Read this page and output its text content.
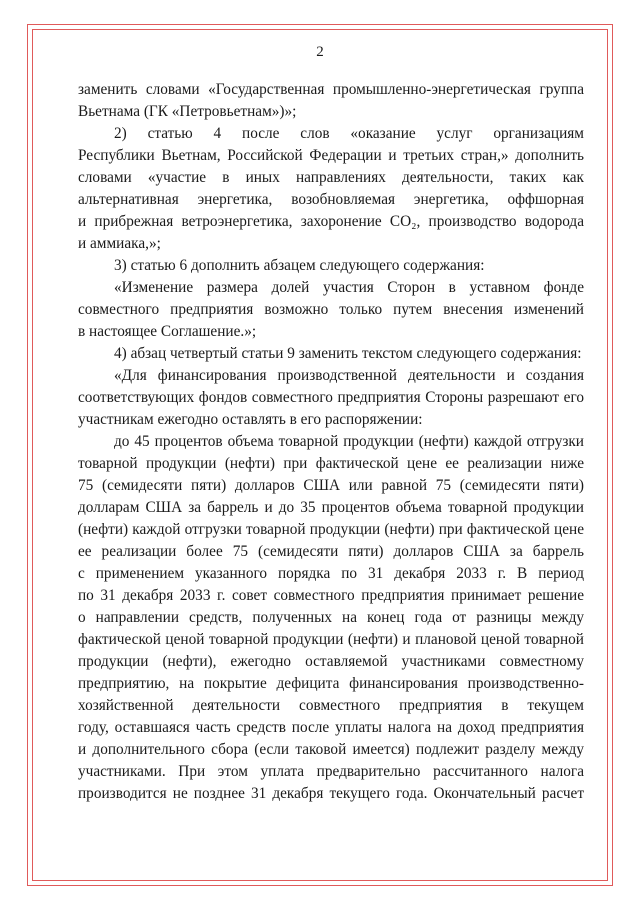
2
заменить словами «Государственная промышленно-энергетическая группа
Вьетнама (ГК «Петровьетнам»)»;
2) статью 4 после слов «оказание услуг организациям
Республики Вьетнам, Российской Федерации и третьих стран,» дополнить
словами «участие в иных направлениях деятельности, таких как
альтернативная энергетика, возобновляемая энергетика, оффшорная
и прибрежная ветроэнергетика, захоронение CO₂, производство водорода
и аммиака,»;
3) статью 6 дополнить абзацем следующего содержания:
«Изменение размера долей участия Сторон в уставном фонде
совместного предприятия возможно только путем внесения изменений
в настоящее Соглашение.»;
4) абзац четвертый статьи 9 заменить текстом следующего содержания:
«Для финансирования производственной деятельности и создания
соответствующих фондов совместного предприятия Стороны разрешают его
участникам ежегодно оставлять в его распоряжении:
до 45 процентов объема товарной продукции (нефти) каждой отгрузки
товарной продукции (нефти) при фактической цене ее реализации ниже
75 (семидесяти пяти) долларов США или равной 75 (семидесяти пяти)
долларам США за баррель и до 35 процентов объема товарной продукции
(нефти) каждой отгрузки товарной продукции (нефти) при фактической цене
ее реализации более 75 (семидесяти пяти) долларов США за баррель
с применением указанного порядка по 31 декабря 2033 г. В период
по 31 декабря 2033 г. совет совместного предприятия принимает решение
о направлении средств, полученных на конец года от разницы между
фактической ценой товарной продукции (нефти) и плановой ценой товарной
продукции (нефти), ежегодно оставляемой участниками совместному
предприятию, на покрытие дефицита финансирования производственно-
хозяйственной деятельности совместного предприятия в текущем
году, оставшаяся часть средств после уплаты налога на доход предприятия
и дополнительного сбора (если таковой имеется) подлежит разделу между
участниками. При этом уплата предварительно рассчитанного налога
производится не позднее 31 декабря текущего года. Окончательный расчет
